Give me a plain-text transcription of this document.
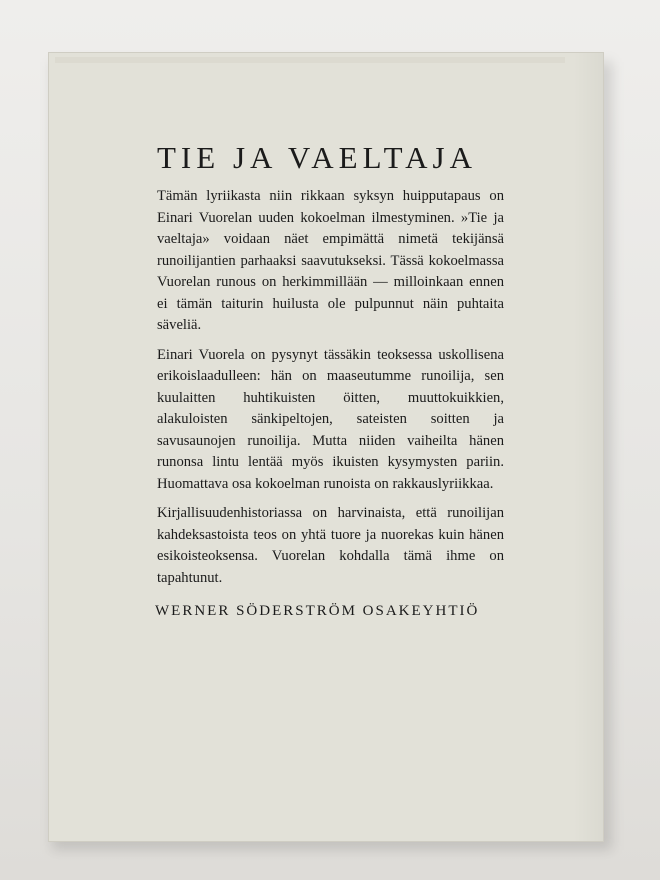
TIE JA VAELTAJA

Tämän lyriikasta niin rikkaan syksyn huipputapaus on Einari Vuorelan uuden kokoelman ilmestyminen. »Tie ja vaeltaja» voidaan näet empimättä nimetä tekijänsä runoilijantien parhaaksi saavutukseksi. Tässä kokoelmassa Vuorelan runous on herkimmillään — milloinkaan ennen ei tämän taiturin huilusta ole pulpunnut näin puhtaita säveliä.

Einari Vuorela on pysynyt tässäkin teoksessa uskollisena erikoislaadulleen: hän on maaseutumme runoilija, sen kuulaitten huhtikuisten öitten, muuttokuikkien, alakuloisten sänkipeltojen, sateisten soitten ja savusaunojen runoilija. Mutta niiden vaiheilta hänen runonsa lintu lentää myös ikuisten kysymysten pariin. Huomattava osa kokoelman runoista on rakkauslyriikkaa.

Kirjallisuudenhistoriassa on harvinaista, että runoilijan kahdeksastoista teos on yhtä tuore ja nuorekas kuin hänen esikoisteoksensa. Vuorelan kohdalla tämä ihme on tapahtunut.

WERNER SÖDERSTRÖM OSAKEYHTIÖ
